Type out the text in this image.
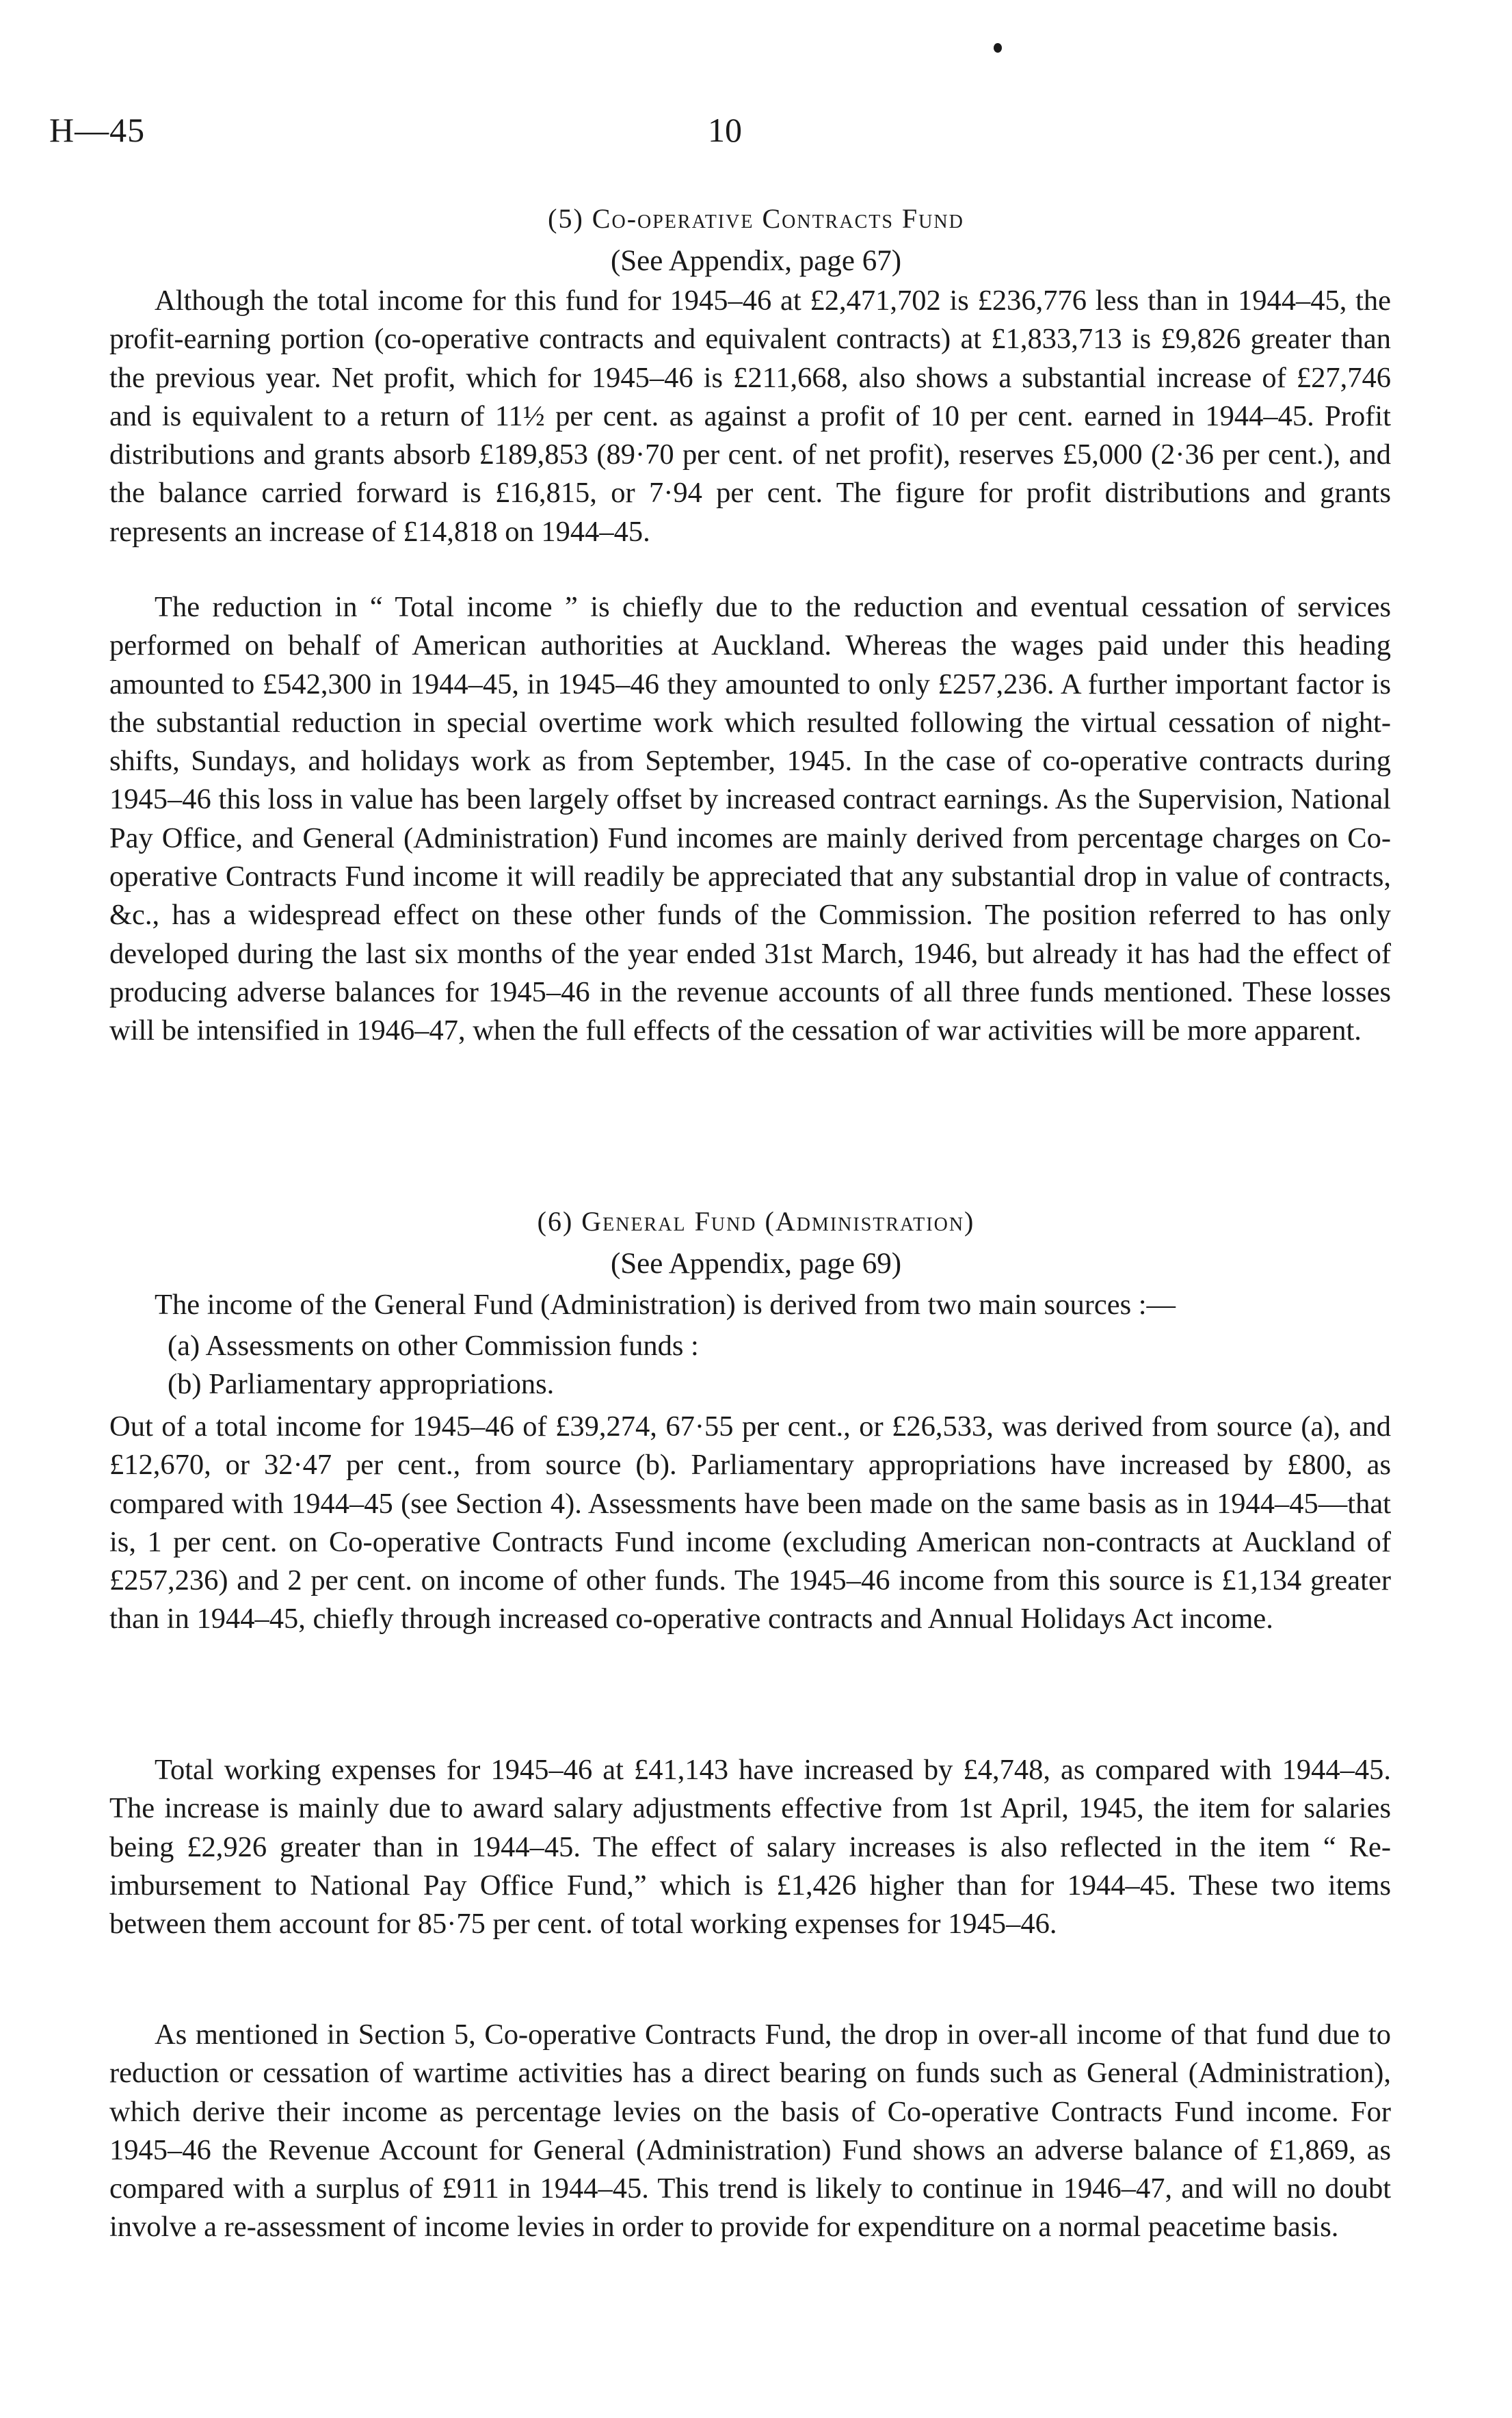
H—45	10
(5) Co-operative Contracts Fund
(See Appendix, page 67)

Although the total income for this fund for 1945–46 at £2,471,702 is £236,776 less than in 1944–45, the profit-earning portion (co-operative contracts and equivalent contracts) at £1,833,713 is £9,826 greater than the previous year. Net profit, which for 1945–46 is £211,668, also shows a substantial increase of £27,746 and is equivalent to a return of 11½ per cent. as against a profit of 10 per cent. earned in 1944–45. Profit distributions and grants absorb £189,853 (89·70 per cent. of net profit), reserves £5,000 (2·36 per cent.), and the balance carried forward is £16,815, or 7·94 per cent. The figure for profit distributions and grants represents an increase of £14,818 on 1944–45.

The reduction in “ Total income ” is chiefly due to the reduction and eventual cessation of services performed on behalf of American authorities at Auckland. Whereas the wages paid under this heading amounted to £542,300 in 1944–45, in 1945–46 they amounted to only £257,236. A further important factor is the substantial reduction in special overtime work which resulted following the virtual cessation of night-shifts, Sundays, and holidays work as from September, 1945. In the case of co-operative contracts during 1945–46 this loss in value has been largely offset by increased contract earnings. As the Supervision, National Pay Office, and General (Administration) Fund incomes are mainly derived from percentage charges on Co-operative Contracts Fund income it will readily be appreciated that any substantial drop in value of contracts, &c., has a widespread effect on these other funds of the Commission. The position referred to has only developed during the last six months of the year ended 31st March, 1946, but already it has had the effect of producing adverse balances for 1945–46 in the revenue accounts of all three funds mentioned. These losses will be intensified in 1946–47, when the full effects of the cessation of war activities will be more apparent.

(6) General Fund (Administration)
(See Appendix, page 69)

The income of the General Fund (Administration) is derived from two main sources :—

(a) Assessments on other Commission funds :
(b) Parliamentary appropriations.

Out of a total income for 1945–46 of £39,274, 67·55 per cent., or £26,533, was derived from source (a), and £12,670, or 32·47 per cent., from source (b). Parliamentary appropriations have increased by £800, as compared with 1944–45 (see Section 4). Assessments have been made on the same basis as in 1944–45—that is, 1 per cent. on Co-operative Contracts Fund income (excluding American non-contracts at Auckland of £257,236) and 2 per cent. on income of other funds. The 1945–46 income from this source is £1,134 greater than in 1944–45, chiefly through increased co-operative contracts and Annual Holidays Act income.

Total working expenses for 1945–46 at £41,143 have increased by £4,748, as compared with 1944–45. The increase is mainly due to award salary adjustments effective from 1st April, 1945, the item for salaries being £2,926 greater than in 1944–45. The effect of salary increases is also reflected in the item “ Re-imbursement to National Pay Office Fund,” which is £1,426 higher than for 1944–45. These two items between them account for 85·75 per cent. of total working expenses for 1945–46.

As mentioned in Section 5, Co-operative Contracts Fund, the drop in over-all income of that fund due to reduction or cessation of wartime activities has a direct bearing on funds such as General (Administration), which derive their income as percentage levies on the basis of Co-operative Contracts Fund income. For 1945–46 the Revenue Account for General (Administration) Fund shows an adverse balance of £1,869, as compared with a surplus of £911 in 1944–45. This trend is likely to continue in 1946–47, and will no doubt involve a re-assessment of income levies in order to provide for expenditure on a normal peacetime basis.
